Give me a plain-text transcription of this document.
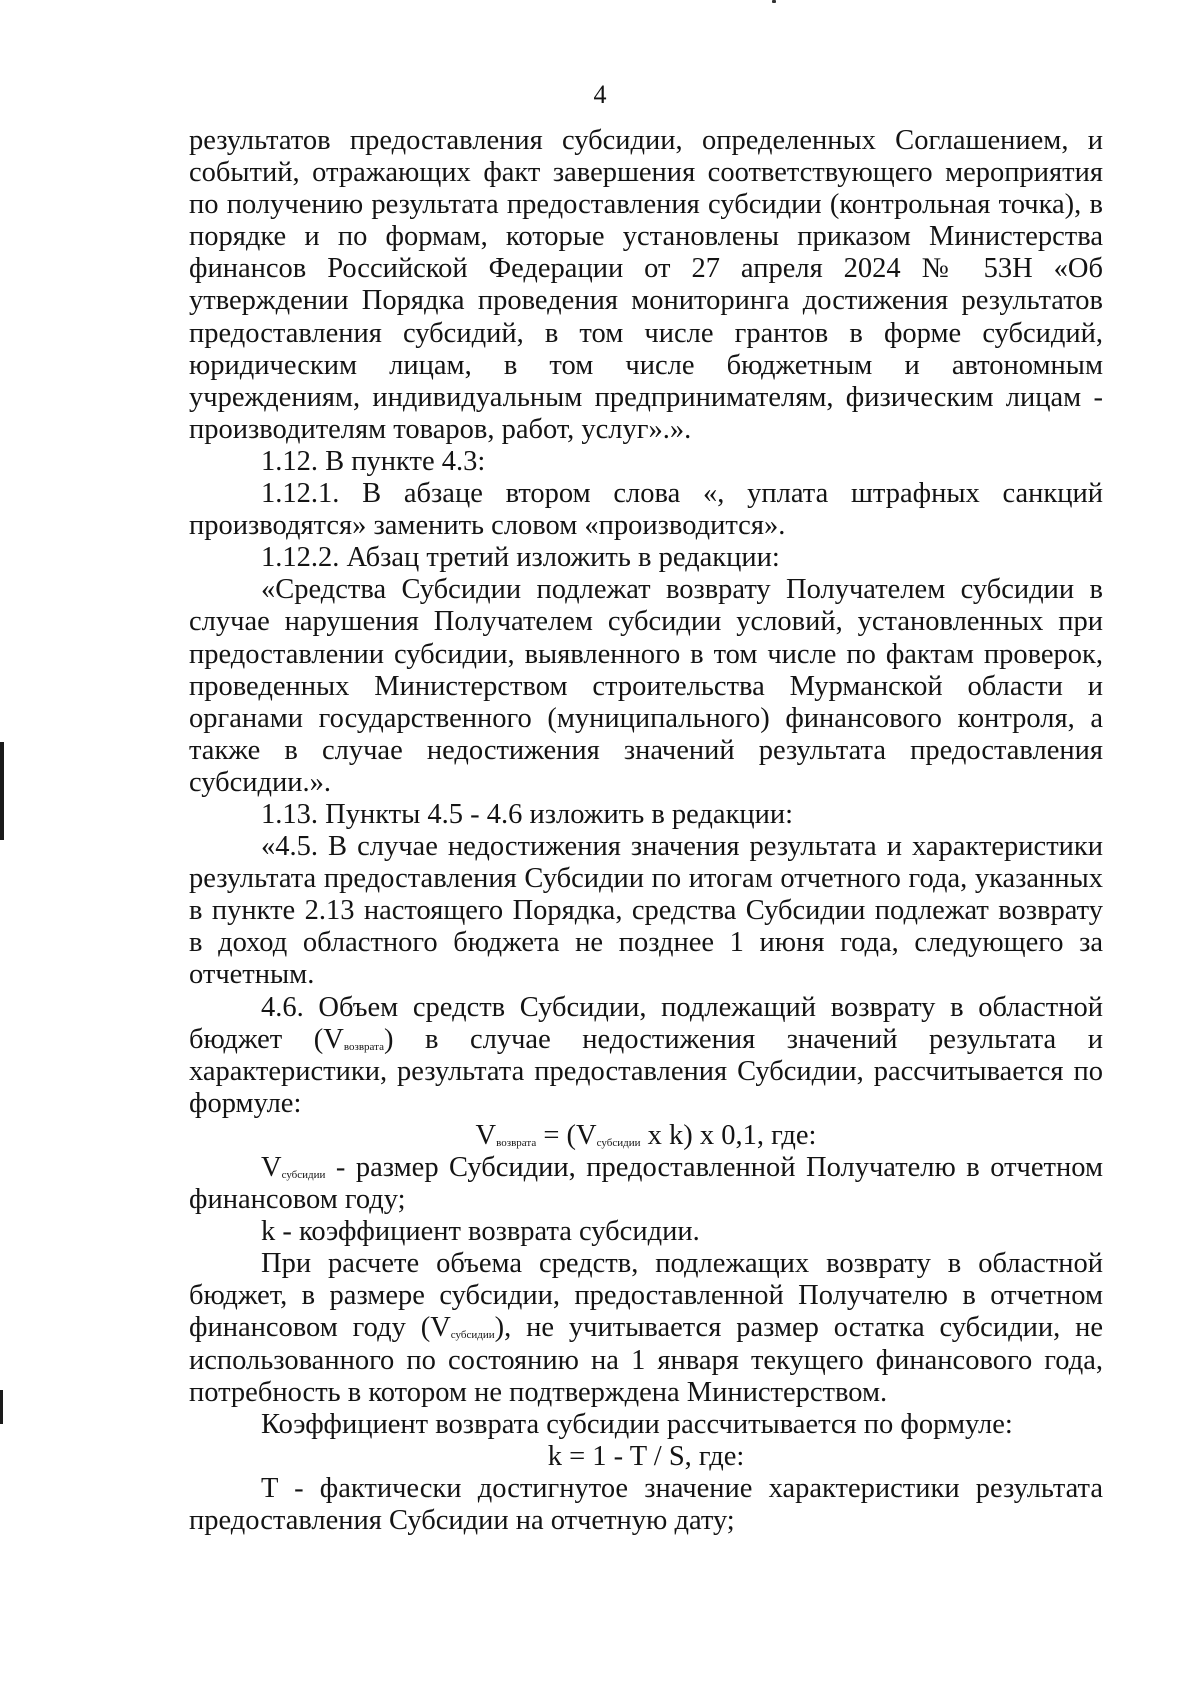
4

результатов предоставления субсидии, определенных Соглашением, и событий, отражающих факт завершения соответствующего мероприятия по получению результата предоставления субсидии (контрольная точка), в порядке и по формам, которые установлены приказом Министерства финансов Российской Федерации от 27 апреля 2024 № 53Н «Об утверждении Порядка проведения мониторинга достижения результатов предоставления субсидий, в том числе грантов в форме субсидий, юридическим лицам, в том числе бюджетным и автономным учреждениям, индивидуальным предпринимателям, физическим лицам - производителям товаров, работ, услуг».».

1.12. В пункте 4.3:

1.12.1. В абзаце втором слова «, уплата штрафных санкций производятся» заменить словом «производится».

1.12.2. Абзац третий изложить в редакции:

«Средства Субсидии подлежат возврату Получателем субсидии в случае нарушения Получателем субсидии условий, установленных при предоставлении субсидии, выявленного в том числе по фактам проверок, проведенных Министерством строительства Мурманской области и органами государственного (муниципального) финансового контроля, а также в случае недостижения значений результата предоставления субсидии.».

1.13. Пункты 4.5 - 4.6 изложить в редакции:

«4.5. В случае недостижения значения результата и характеристики результата предоставления Субсидии по итогам отчетного года, указанных в пункте 2.13 настоящего Порядка, средства Субсидии подлежат возврату в доход областного бюджета не позднее 1 июня года, следующего за отчетным.

4.6. Объем средств Субсидии, подлежащий возврату в областной бюджет $(V_{возврата})$ в случае недостижения значений результата и характеристики, результата предоставления Субсидии, рассчитывается по формуле:

$V_{возврата} = (V_{субсидии}$ x k) x 0,1, где:

$V_{субсидии}$ - размер Субсидии, предоставленной Получателю в отчетном финансовом году;

k - коэффициент возврата субсидии.

При расчете объема средств, подлежащих возврату в областной бюджет, в размере субсидии, предоставленной Получателю в отчетном финансовом году $(V_{субсидии})$, не учитывается размер остатка субсидии, не использованного по состоянию на 1 января текущего финансового года, потребность в котором не подтверждена Министерством.

Коэффициент возврата субсидии рассчитывается по формуле:

k = 1 - T / S, где:

T - фактически достигнутое значение характеристики результата предоставления Субсидии на отчетную дату;
